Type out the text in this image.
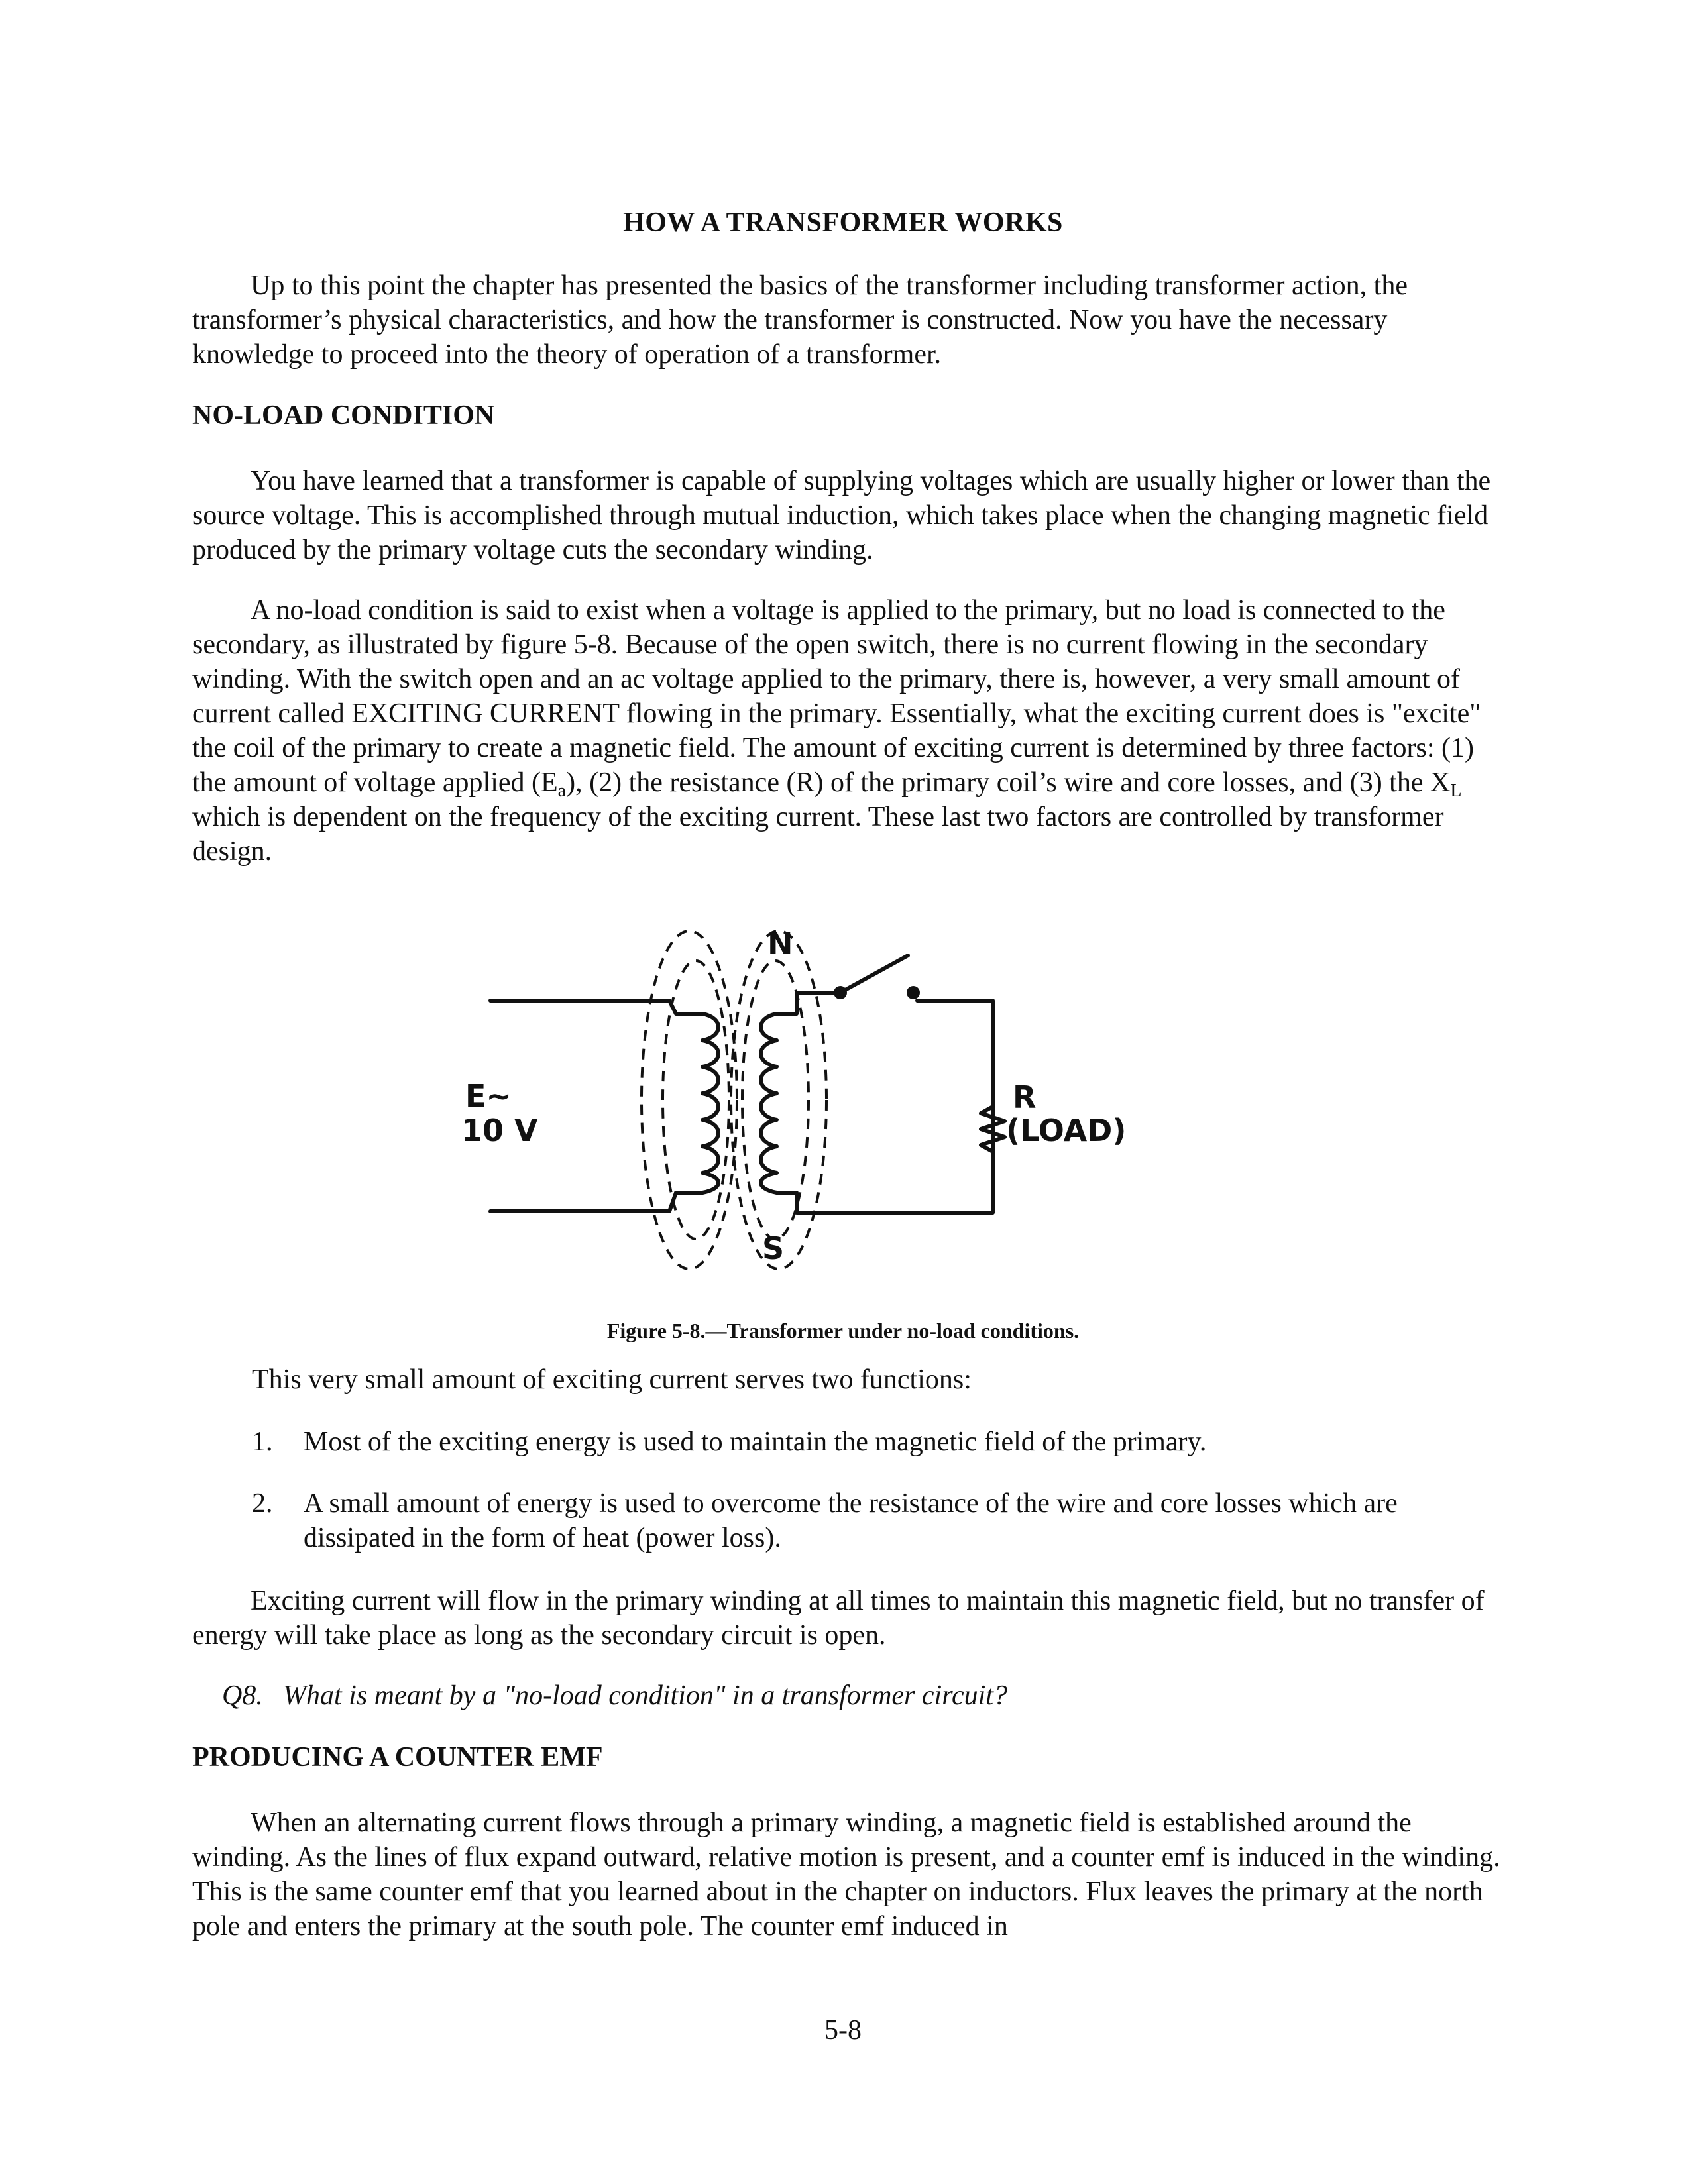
HOW A TRANSFORMER WORKS

Up to this point the chapter has presented the basics of the transformer including transformer action, the transformer’s physical characteristics, and how the transformer is constructed. Now you have the necessary knowledge to proceed into the theory of operation of a transformer.

NO-LOAD CONDITION

You have learned that a transformer is capable of supplying voltages which are usually higher or lower than the source voltage. This is accomplished through mutual induction, which takes place when the changing magnetic field produced by the primary voltage cuts the secondary winding.

A no-load condition is said to exist when a voltage is applied to the primary, but no load is connected to the secondary, as illustrated by figure 5-8. Because of the open switch, there is no current flowing in the secondary winding. With the switch open and an ac voltage applied to the primary, there is, however, a very small amount of current called EXCITING CURRENT flowing in the primary. Essentially, what the exciting current does is "excite" the coil of the primary to create a magnetic field. The amount of exciting current is determined by three factors: (1) the amount of voltage applied $(E_a)$, (2) the resistance (R) of the primary coil’s wire and core losses, and (3) the $X_L$ which is dependent on the frequency of the exciting current. These last two factors are controlled by transformer design.

E~
10 V
N
S
R
(LOAD)
Figure 5-8.—Transformer under no-load conditions.
This very small amount of exciting current serves two functions:
1. Most of the exciting energy is used to maintain the magnetic field of the primary.
2. A small amount of energy is used to overcome the resistance of the wire and core losses which are dissipated in the form of heat (power loss).

Exciting current will flow in the primary winding at all times to maintain this magnetic field, but no transfer of energy will take place as long as the secondary circuit is open.

Q8. What is meant by a "no-load condition" in a transformer circuit?
PRODUCING A COUNTER EMF

When an alternating current flows through a primary winding, a magnetic field is established around the winding. As the lines of flux expand outward, relative motion is present, and a counter emf is induced in the winding. This is the same counter emf that you learned about in the chapter on inductors. Flux leaves the primary at the north pole and enters the primary at the south pole. The counter emf induced in

5-8
